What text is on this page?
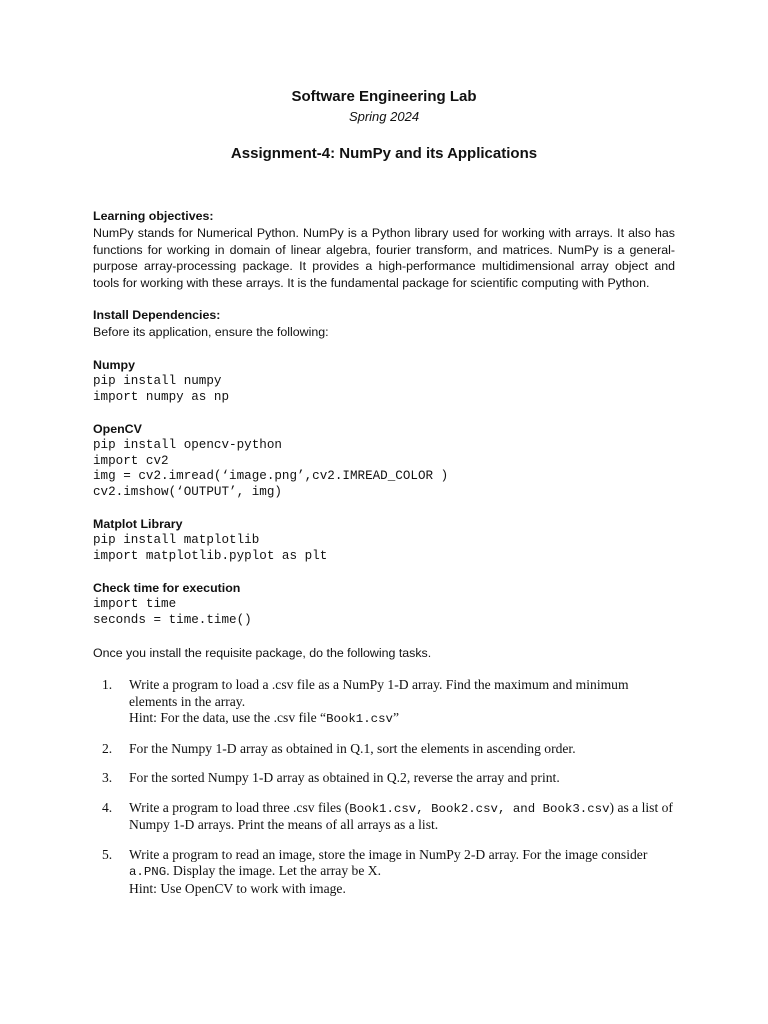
Software Engineering Lab
Spring 2024
Assignment-4: NumPy and its Applications
Learning objectives:

NumPy stands for Numerical Python. NumPy is a Python library used for working with arrays. It also has functions for working in domain of linear algebra, fourier transform, and matrices. NumPy is a general-purpose array-processing package. It provides a high-performance multidimensional array object and tools for working with these arrays. It is the fundamental package for scientific computing with Python.

Install Dependencies:
Before its application, ensure the following:
Numpy
pip install numpy
import numpy as np
OpenCV
pip install opencv-python
import cv2
img = cv2.imread(‘image.png’,cv2.IMREAD_COLOR )
cv2.imshow(‘OUTPUT’, img)
Matplot Library
pip install matplotlib
import matplotlib.pyplot as plt
Check time for execution
import time
seconds = time.time()
Once you install the requisite package, do the following tasks.
1. Write a program to load a .csv file as a NumPy 1-D array. Find the maximum and minimum elements in the array.
Hint: For the data, use the .csv file “Book1.csv”
2. For the Numpy 1-D array as obtained in Q.1, sort the elements in ascending order.
3. For the sorted Numpy 1-D array as obtained in Q.2, reverse the array and print.
4. Write a program to load three .csv files (Book1.csv, Book2.csv, and Book3.csv) as a list of Numpy 1-D arrays. Print the means of all arrays as a list.
5. Write a program to read an image, store the image in NumPy 2-D array. For the image consider a.PNG. Display the image. Let the array be X.
Hint: Use OpenCV to work with image.
